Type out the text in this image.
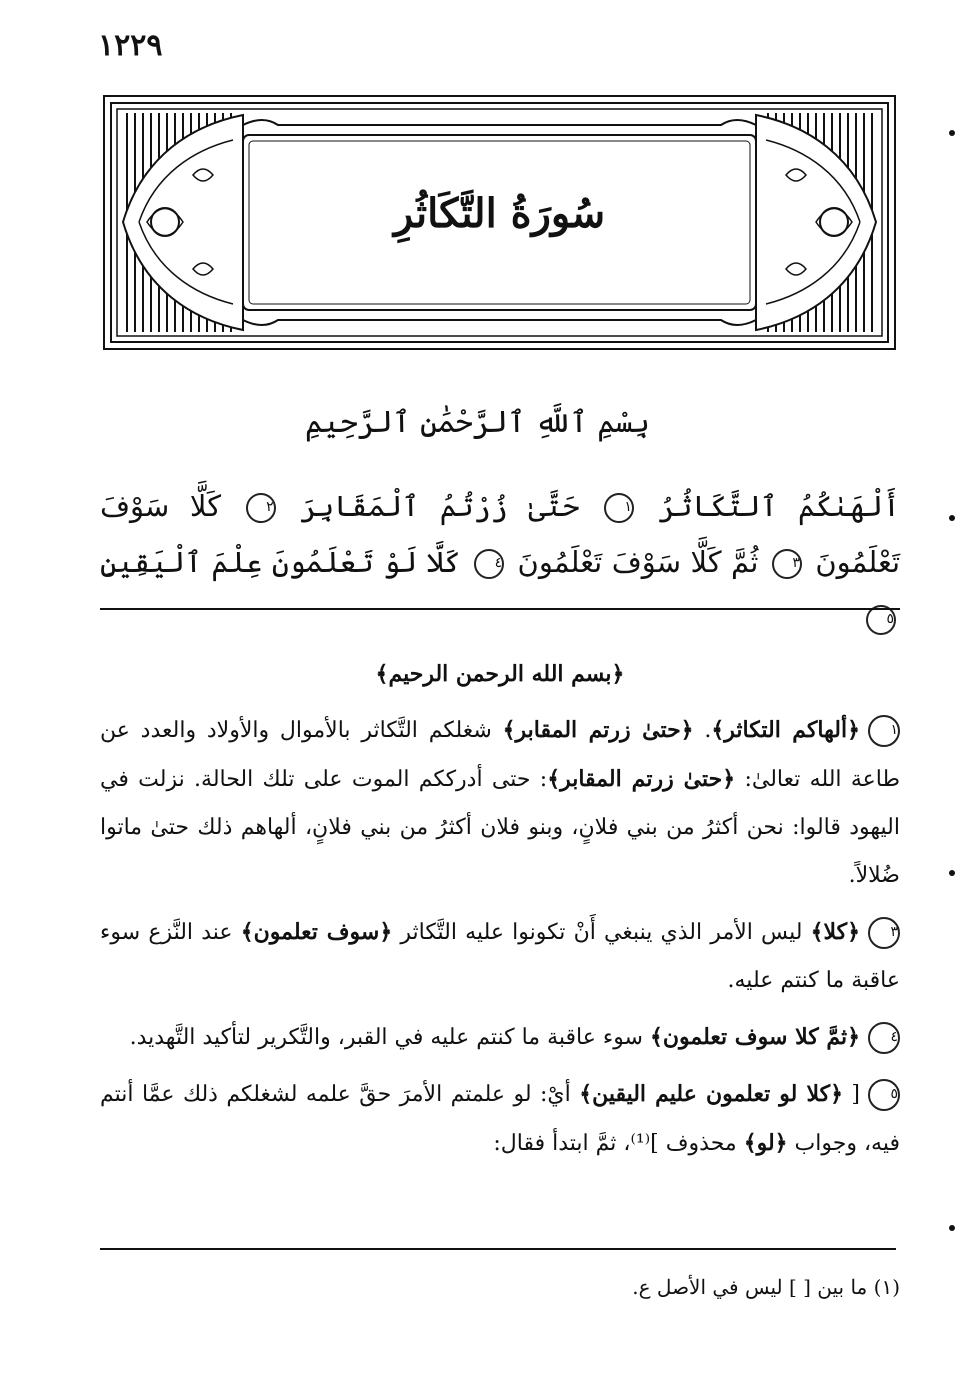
١٢٢٩
سُورَةُ التَّكَاثُرِ
بِسْمِ ٱللَّهِ ٱلرَّحْمَٰنِ ٱلرَّحِيمِ
أَلْهَىٰكُمُ ٱلتَّكَاثُرُ ١ حَتَّىٰ زُرْتُمُ ٱلْمَقَابِرَ ٢ كَلَّا سَوْفَ تَعْلَمُونَ ٣ ثُمَّ كَلَّا سَوْفَ تَعْلَمُونَ ٤ كَلَّا لَوْ تَعْلَمُونَ عِلْمَ ٱلْيَقِينِ ٥
﴿بسم الله الرحمن الرحيم﴾
١﴿ألهاكم التكاثر﴾. ﴿حتىٰ زرتم المقابر﴾ شغلكم التَّكاثر بالأموال والأولاد والعدد عن طاعة الله تعالىٰ: ﴿حتىٰ زرتم المقابر﴾: حتى أدرككم الموت على تلك الحالة. نزلت في اليهود قالوا: نحن أكثرُ من بني فلانٍ، وبنو فلان أكثرُ من بني فلانٍ، ألهاهم ذلك حتىٰ ماتوا ضُلالاً.
٣﴿كلا﴾ ليس الأمر الذي ينبغي أَنْ تكونوا عليه التَّكاثر ﴿سوف تعلمون﴾ عند النَّزع سوء عاقبة ما كنتم عليه.
٤﴿ثمَّ كلا سوف تعلمون﴾ سوء عاقبة ما كنتم عليه في القبر، والتَّكرير لتأكيد التَّهديد.
٥[ ﴿كلا لو تعلمون عليم اليقين﴾ أيْ: لو علمتم الأمرَ حقَّ علمه لشغلكم ذلك عمَّا أنتم فيه، وجواب ﴿لو﴾ محذوف ]⁽¹⁾، ثمَّ ابتدأ فقال:
(١) ما بين [ ] ليس في الأصل ع.
